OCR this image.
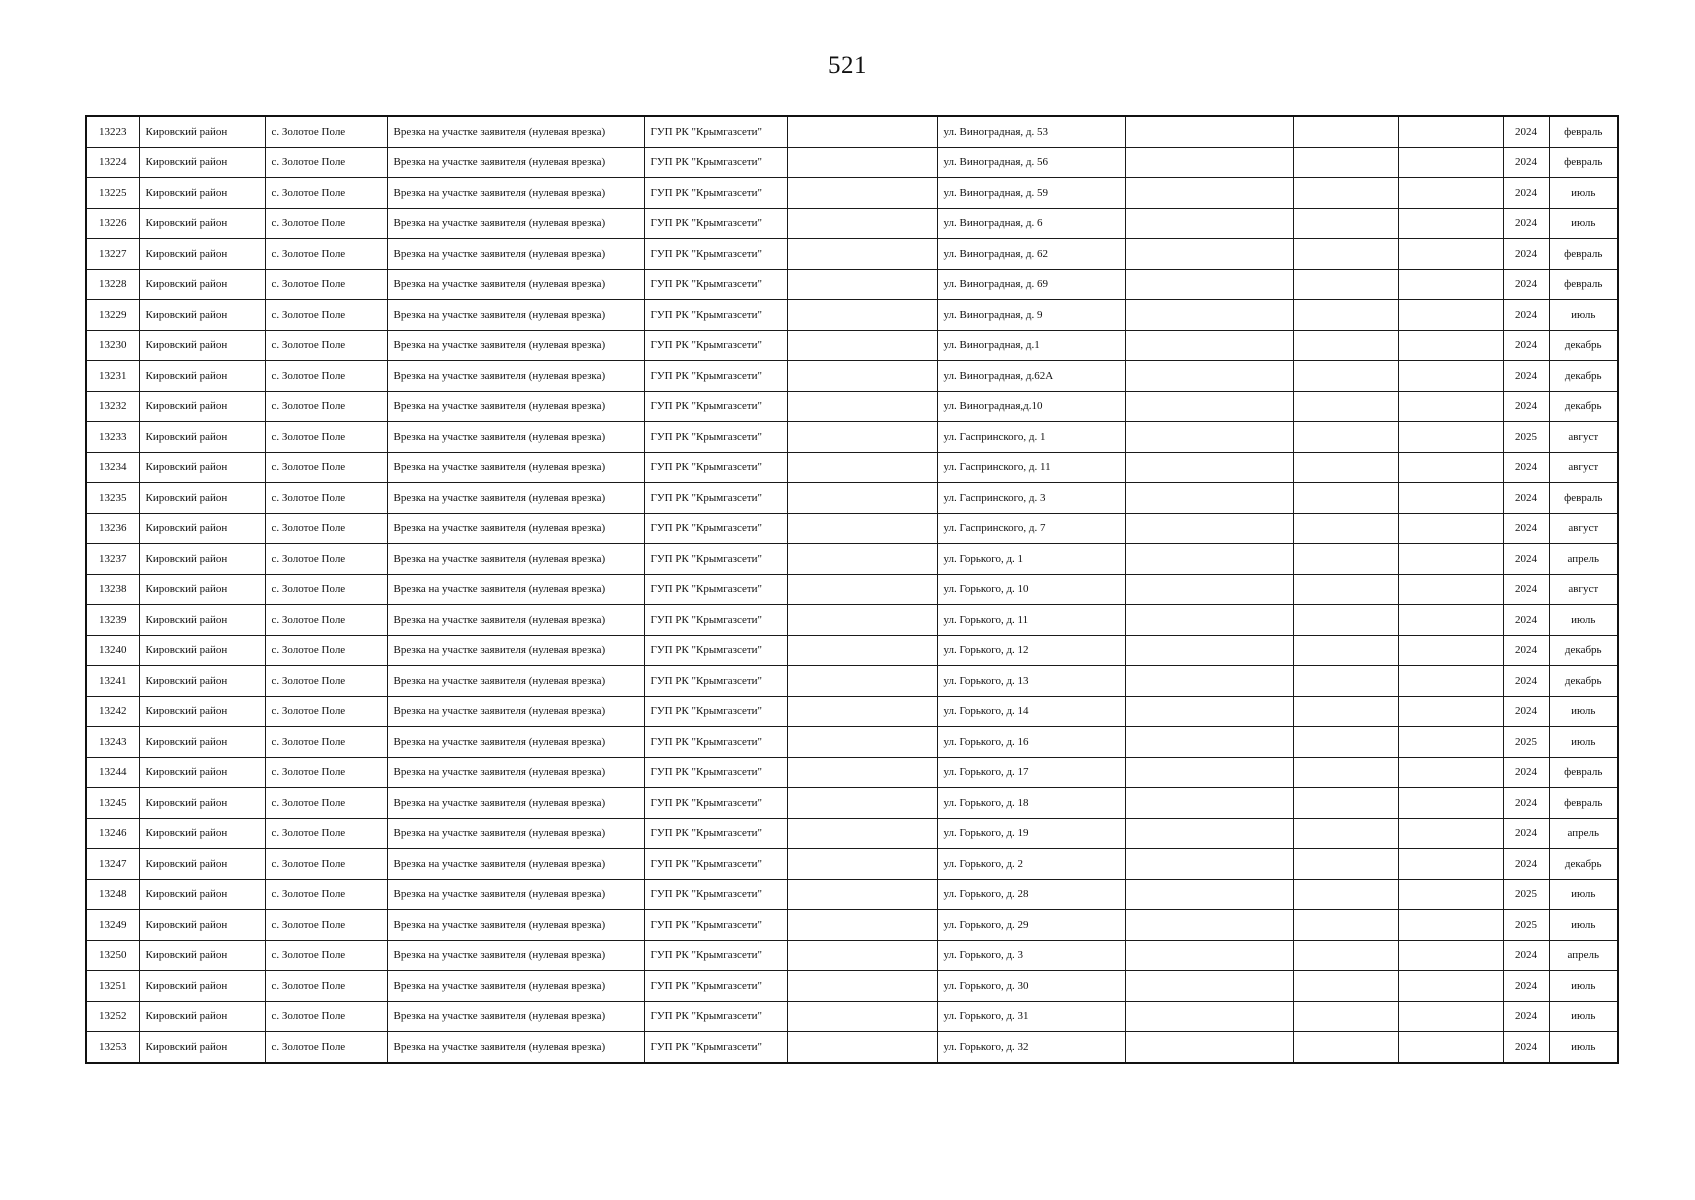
521
13223	Кировский район	с. Золотое Поле	Врезка на участке заявителя (нулевая врезка)	ГУП РК "Крымгазсети"		ул. Виноградная, д. 53				2024	февраль
13224	Кировский район	с. Золотое Поле	Врезка на участке заявителя (нулевая врезка)	ГУП РК "Крымгазсети"		ул. Виноградная, д. 56				2024	февраль
13225	Кировский район	с. Золотое Поле	Врезка на участке заявителя (нулевая врезка)	ГУП РК "Крымгазсети"		ул. Виноградная, д. 59				2024	июль
13226	Кировский район	с. Золотое Поле	Врезка на участке заявителя (нулевая врезка)	ГУП РК "Крымгазсети"		ул. Виноградная, д. 6				2024	июль
13227	Кировский район	с. Золотое Поле	Врезка на участке заявителя (нулевая врезка)	ГУП РК "Крымгазсети"		ул. Виноградная, д. 62				2024	февраль
13228	Кировский район	с. Золотое Поле	Врезка на участке заявителя (нулевая врезка)	ГУП РК "Крымгазсети"		ул. Виноградная, д. 69				2024	февраль
13229	Кировский район	с. Золотое Поле	Врезка на участке заявителя (нулевая врезка)	ГУП РК "Крымгазсети"		ул. Виноградная, д. 9				2024	июль
13230	Кировский район	с. Золотое Поле	Врезка на участке заявителя (нулевая врезка)	ГУП РК "Крымгазсети"		ул. Виноградная, д.1				2024	декабрь
13231	Кировский район	с. Золотое Поле	Врезка на участке заявителя (нулевая врезка)	ГУП РК "Крымгазсети"		ул. Виноградная, д.62А				2024	декабрь
13232	Кировский район	с. Золотое Поле	Врезка на участке заявителя (нулевая врезка)	ГУП РК "Крымгазсети"		ул. Виноградная,д.10				2024	декабрь
13233	Кировский район	с. Золотое Поле	Врезка на участке заявителя (нулевая врезка)	ГУП РК "Крымгазсети"		ул. Гаспринского, д. 1				2025	август
13234	Кировский район	с. Золотое Поле	Врезка на участке заявителя (нулевая врезка)	ГУП РК "Крымгазсети"		ул. Гаспринского, д. 11				2024	август
13235	Кировский район	с. Золотое Поле	Врезка на участке заявителя (нулевая врезка)	ГУП РК "Крымгазсети"		ул. Гаспринского, д. 3				2024	февраль
13236	Кировский район	с. Золотое Поле	Врезка на участке заявителя (нулевая врезка)	ГУП РК "Крымгазсети"		ул. Гаспринского, д. 7				2024	август
13237	Кировский район	с. Золотое Поле	Врезка на участке заявителя (нулевая врезка)	ГУП РК "Крымгазсети"		ул. Горького, д. 1				2024	апрель
13238	Кировский район	с. Золотое Поле	Врезка на участке заявителя (нулевая врезка)	ГУП РК "Крымгазсети"		ул. Горького, д. 10				2024	август
13239	Кировский район	с. Золотое Поле	Врезка на участке заявителя (нулевая врезка)	ГУП РК "Крымгазсети"		ул. Горького, д. 11				2024	июль
13240	Кировский район	с. Золотое Поле	Врезка на участке заявителя (нулевая врезка)	ГУП РК "Крымгазсети"		ул. Горького, д. 12				2024	декабрь
13241	Кировский район	с. Золотое Поле	Врезка на участке заявителя (нулевая врезка)	ГУП РК "Крымгазсети"		ул. Горького, д. 13				2024	декабрь
13242	Кировский район	с. Золотое Поле	Врезка на участке заявителя (нулевая врезка)	ГУП РК "Крымгазсети"		ул. Горького, д. 14				2024	июль
13243	Кировский район	с. Золотое Поле	Врезка на участке заявителя (нулевая врезка)	ГУП РК "Крымгазсети"		ул. Горького, д. 16				2025	июль
13244	Кировский район	с. Золотое Поле	Врезка на участке заявителя (нулевая врезка)	ГУП РК "Крымгазсети"		ул. Горького, д. 17				2024	февраль
13245	Кировский район	с. Золотое Поле	Врезка на участке заявителя (нулевая врезка)	ГУП РК "Крымгазсети"		ул. Горького, д. 18				2024	февраль
13246	Кировский район	с. Золотое Поле	Врезка на участке заявителя (нулевая врезка)	ГУП РК "Крымгазсети"		ул. Горького, д. 19				2024	апрель
13247	Кировский район	с. Золотое Поле	Врезка на участке заявителя (нулевая врезка)	ГУП РК "Крымгазсети"		ул. Горького, д. 2				2024	декабрь
13248	Кировский район	с. Золотое Поле	Врезка на участке заявителя (нулевая врезка)	ГУП РК "Крымгазсети"		ул. Горького, д. 28				2025	июль
13249	Кировский район	с. Золотое Поле	Врезка на участке заявителя (нулевая врезка)	ГУП РК "Крымгазсети"		ул. Горького, д. 29				2025	июль
13250	Кировский район	с. Золотое Поле	Врезка на участке заявителя (нулевая врезка)	ГУП РК "Крымгазсети"		ул. Горького, д. 3				2024	апрель
13251	Кировский район	с. Золотое Поле	Врезка на участке заявителя (нулевая врезка)	ГУП РК "Крымгазсети"		ул. Горького, д. 30				2024	июль
13252	Кировский район	с. Золотое Поле	Врезка на участке заявителя (нулевая врезка)	ГУП РК "Крымгазсети"		ул. Горького, д. 31				2024	июль
13253	Кировский район	с. Золотое Поле	Врезка на участке заявителя (нулевая врезка)	ГУП РК "Крымгазсети"		ул. Горького, д. 32				2024	июль
